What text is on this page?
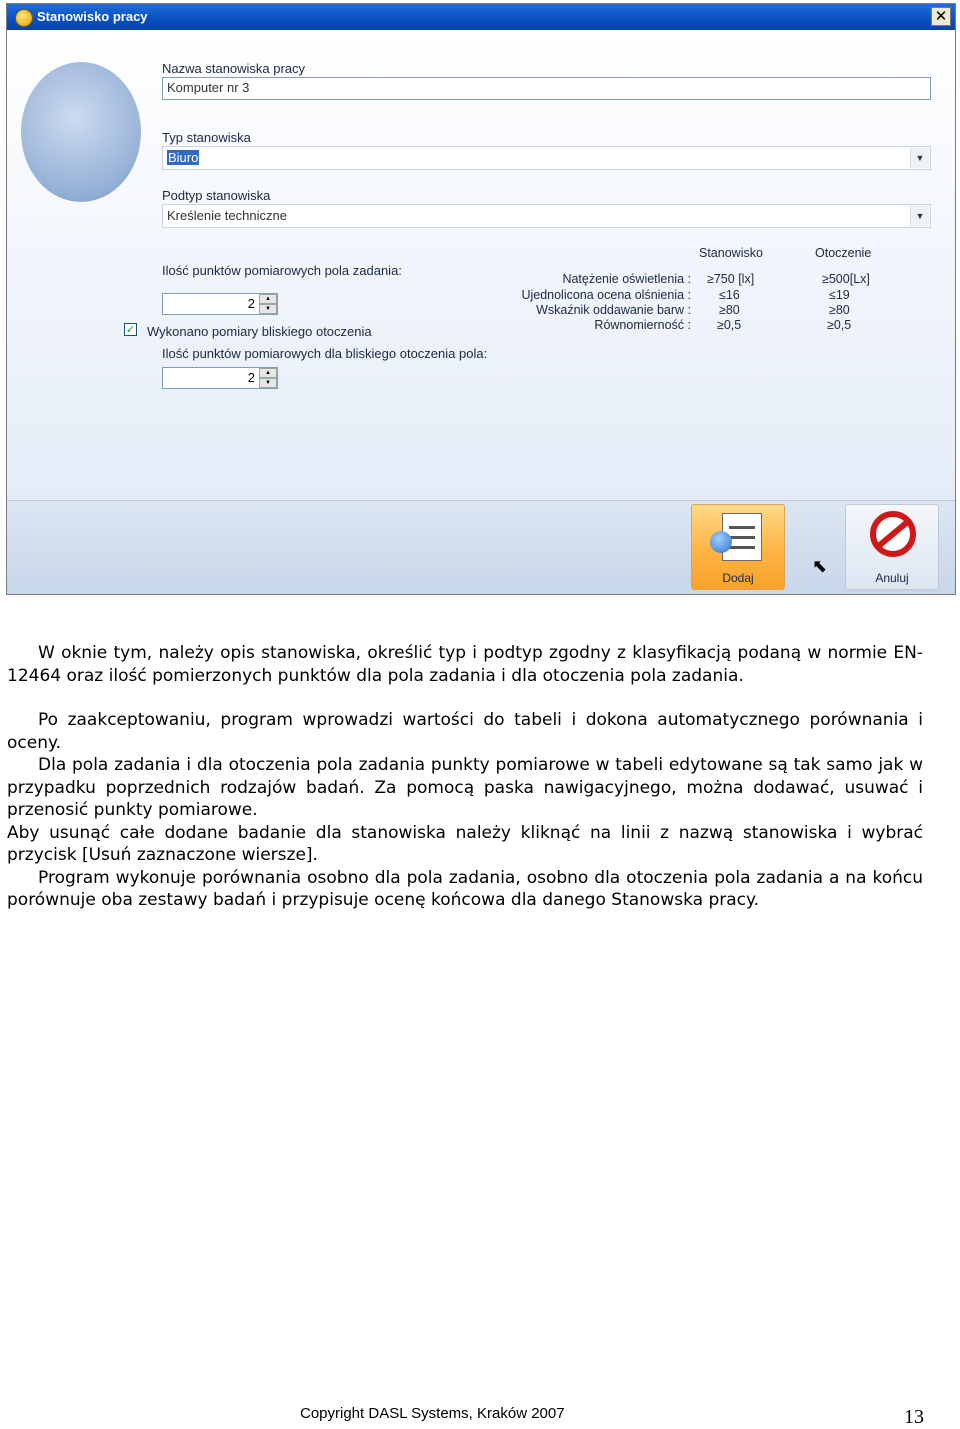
Stanowisko pracy	✕
Nazwa stanowiska pracy
Komputer nr 3
Typ stanowiska
Biuro	▼
Podtyp stanowiska
Kreślenie techniczne	▼
Ilość punktów pomiarowych pola zadania:
2	▲
▼
✓ Wykonano pomiary bliskiego otoczenia
Ilość punktów pomiarowych dla bliskiego otoczenia pola:
2	▲
▼
Stanowisko	Otoczenie
Natężenie oświetlenia : ≥750 [lx]	≥500[Lx]
Ujednolicona ocena olśnienia : ≤16	≤19
Wskaźnik oddawanie barw : ≥80	≥80
Równomierność : ≥0,5	≥0,5
Dodaj	Anuluj
⬉

W oknie tym, należy opis stanowiska, określić typ i podtyp zgodny z klasyfikacją podaną w normie EN-12464 oraz ilość pomierzonych punktów dla pola zadania i dla otoczenia pola zadania.

Po zaakceptowaniu, program wprowadzi wartości do tabeli i dokona automatycznego porównania i oceny.

Dla pola zadania i dla otoczenia pola zadania punkty pomiarowe w tabeli edytowane są tak samo jak w przypadku poprzednich rodzajów badań. Za pomocą paska nawigacyjnego, można dodawać, usuwać i przenosić punkty pomiarowe.

Aby usunąć całe dodane badanie dla stanowiska należy kliknąć na linii z nazwą stanowiska i wybrać przycisk [Usuń zaznaczone wiersze].

Program wykonuje porównania osobno dla pola zadania, osobno dla otoczenia pola zadania a na końcu porównuje oba zestawy badań i przypisuje ocenę końcowa dla danego Stanowska pracy.

Copyright DASL Systems, Kraków 2007	13
